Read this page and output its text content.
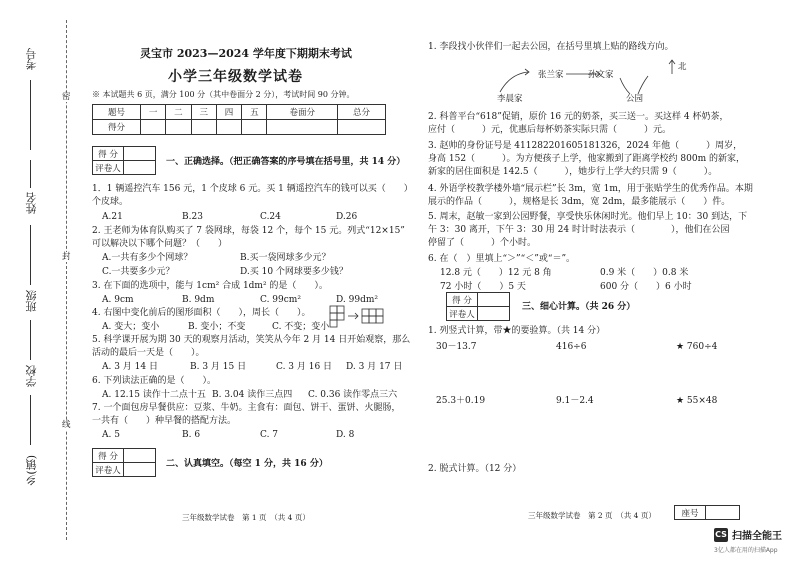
考号
姓名
班级
学校
乡(镇)
密
封
线
灵宝市 2023—2024 学年度下期期末考试
小学三年级数学试卷
※ 本试题共 6 页，满分 100 分（其中卷面分 2 分），考试时间 90 分钟。
题号	一	二	三	四	五	卷面分	总分
得分							
得 分	
评卷人	
一、正确选择。（把正确答案的序号填在括号里，共 14 分）
1．1 辆遥控汽车 156 元，1 个皮球 6 元。买 1 辆遥控汽车的钱可以买（　　）
个皮球。
A.21	B.23	C.24	D.26
2. 王老师为体育队购买了 7 袋网球，每袋 12 个，每个 15 元。列式“12×15”
可以解决以下哪个问题？（　　）
A.一共有多少个网球？	B.买一袋网球多少元？
C.一共要多少元？	D.买 10 个网球要多少钱？
3. 在下面的选项中，能与 1cm² 合成 1dm² 的是（　　）。
A. 9cm	B. 9dm	C. 99cm²	D. 99dm²
4. 右图中变化前后的图形面积（　　），周长（　　）。
A. 变大；变小	B. 变小；不变	C. 不变；变小
5. 科学课开展为期 30 天的观察月活动，笑笑从今年 2 月 14 日开始观察，那么
活动的最后一天是（　　）。
A. 3 月 14 日	B. 3 月 15 日	C. 3 月 16 日 D. 3 月 17 日
6. 下列读法正确的是（　　）。
A. 12.15 读作十二点十五 B. 3.04 读作三点四 C. 0.36 读作零点三六
7. 一个面包房早餐供应：豆浆、牛奶。主食有：面包、饼干、蛋饼、火腿肠，
一共有（　　）种早餐的搭配方法。
A. 5	B. 6	C. 7	D. 8
得 分	
评卷人	
二、认真填空。（每空 1 分，共 16 分）
三年级数学试卷　第 1 页　（共 4 页）
1. 李段找小伙伴们一起去公园，在括号里填上贴的路线方向。
李晨家
张兰家	孙文家
公园
北
2. 科普平台“618”促销，原价 16 元的奶茶，买三送一。买这样 4 杯奶茶，
应付（　　　）元，优惠后每杯奶茶实际只需（　　　）元。
3. 赵帅的身份证号是 411282201605181326，2024 年他（　　　）周岁，
身高 152（　　　）。为方便孩子上学，他家搬到了距离学校约 800m 的新家，
新家的居住面积是 142.5（　　　），她步行上学大约只需 9（　　　）。
4. 外语学校教学楼外墙“展示栏”长 3m，宽 1m，用于张贴学生的优秀作品。本期
展示的作品（　　　），规格是长 3dm，宽 2dm，最多能展示（　　）件。
5. 周末，赵敏一家到公园野餐，享受快乐休闲时光。他们早上 10：30 到达，下
午 3：30 离开，下午 3：30 用 24 时计时法表示（　　　　），他们在公园
停留了（　　　）个小时。
6. 在（　）里填上“＞”“＜”或“＝”。
12.8 元（　　）12 元 8 角	0.9 米（　　）0.8 米
72 小时（　　）5 天	600 分（　　）6 小时
得 分	
评卷人	
三、细心计算。（共 26 分）
1. 列竖式计算，带★的要验算。（共 14 分）
30－13.7	416÷6	★ 760÷4
25.3＋0.19	9.1－2.4	★ 55×48
2. 脱式计算。（12 分）
三年级数学试卷　第 2 页　（共 4 页）	座号	
CS 扫描全能王
3亿人都在用的扫描App
